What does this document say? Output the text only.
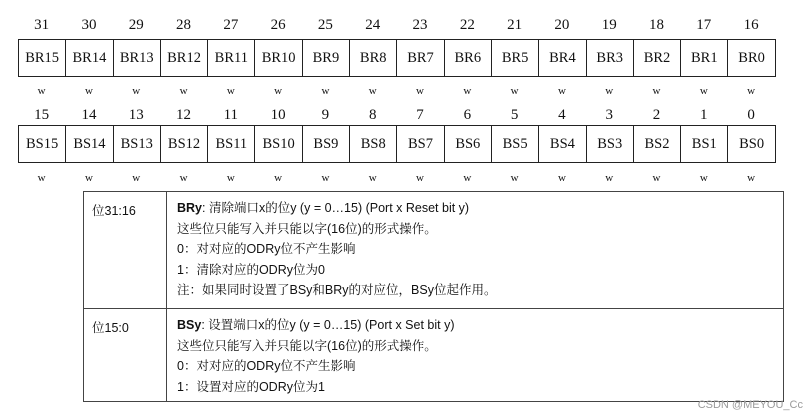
31	30	29	28	27	26	25	24	23	22	21	20	19	18	17	16
BR15 BR14 BR13 BR12 BR11 BR10	BR9	BR8	BR7	BR6	BR5	BR4	BR3	BR2	BR1	BR0
w	w	w	w	w	w	w	w	w	w	w	w	w	w	w	w
15	14	13	12	11	10	9	8	7	6	5	4	3	2	1	0
BS15	BS14	BS13	BS12	BS11	BS10	BS9	BS8	BS7	BS6	BS5	BS4	BS3	BS2	BS1	BS0
w	w	w	w	w	w	w	w	w	w	w	w	w	w	w	w
位31:16	BRy: 清除端口x的位y (y = 0…15) (Port x Reset bit y)
这些位只能写入并只能以字(16位)的形式操作。
0：对对应的ODRy位不产生影响
1：清除对应的ODRy位为0
注：如果同时设置了BSy和BRy的对应位，BSy位起作用。

位15:0	BSy: 设置端口x的位y (y = 0…15) (Port x Set bit y)
这些位只能写入并只能以字(16位)的形式操作。
0：对对应的ODRy位不产生影响
1：设置对应的ODRy位为1
CSDN @MEYOU_Cc
